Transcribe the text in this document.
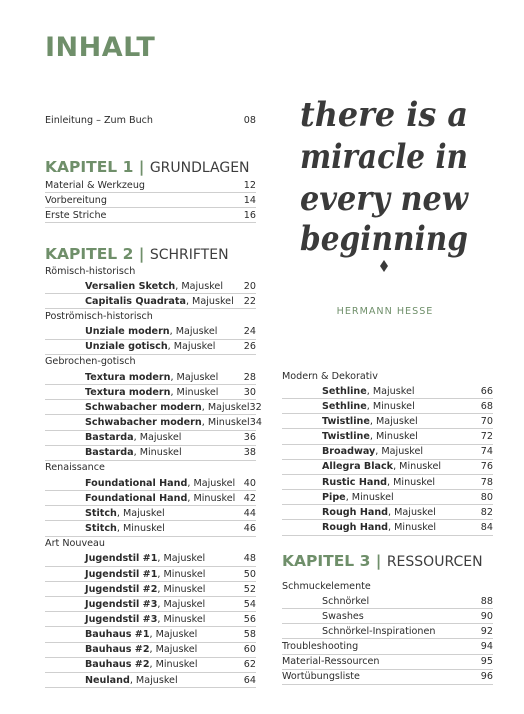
INHALT
Einleitung – Zum Buch	08
KAPITEL 1 | GRUNDLAGEN
Material & Werkzeug	12
Vorbereitung	14
Erste Striche	16
KAPITEL 2 | SCHRIFTEN
Römisch-historisch
Versalien Sketch, Majuskel 20
Capitalis Quadrata, Majuskel 22
Poströmisch-historisch
Unziale modern, Majuskel	24
Unziale gotisch, Majuskel	26
Gebrochen-gotisch
Textura modern, Majuskel	28
Textura modern, Minuskel	30
Schwabacher modern, Majuskel 32
Schwabacher modern, Minuskel 34
Bastarda, Majuskel	36
Bastarda, Minuskel	38
Renaissance
Foundational Hand, Majuskel 40
Foundational Hand, Minuskel 42
Stitch, Majuskel	44
Stitch, Minuskel	46
Art Nouveau
Jugendstil #1, Majuskel	48
Jugendstil #1, Minuskel	50
Jugendstil #2, Minuskel	52
Jugendstil #3, Majuskel	54
Jugendstil #3, Minuskel	56
Bauhaus #1, Majuskel	58
Bauhaus #2, Majuskel	60
Bauhaus #2, Minuskel	62
Neuland, Majuskel	64
there is a
miracle in
every new
beginning
HERMANN HESSE
Modern & Dekorativ
Sethline, Majuskel	66
Sethline, Minuskel	68
Twistline, Majuskel	70
Twistline, Minuskel	72
Broadway, Majuskel	74
Allegra Black, Minuskel	76
Rustic Hand, Minuskel	78
Pipe, Minuskel	80
Rough Hand, Majuskel	82
Rough Hand, Minuskel	84
KAPITEL 3 | RESSOURCEN
Schmuckelemente
Schnörkel	88
Swashes	90
Schnörkel-Inspirationen	92
Troubleshooting	94
Material-Ressourcen	95
Wortübungsliste	96
